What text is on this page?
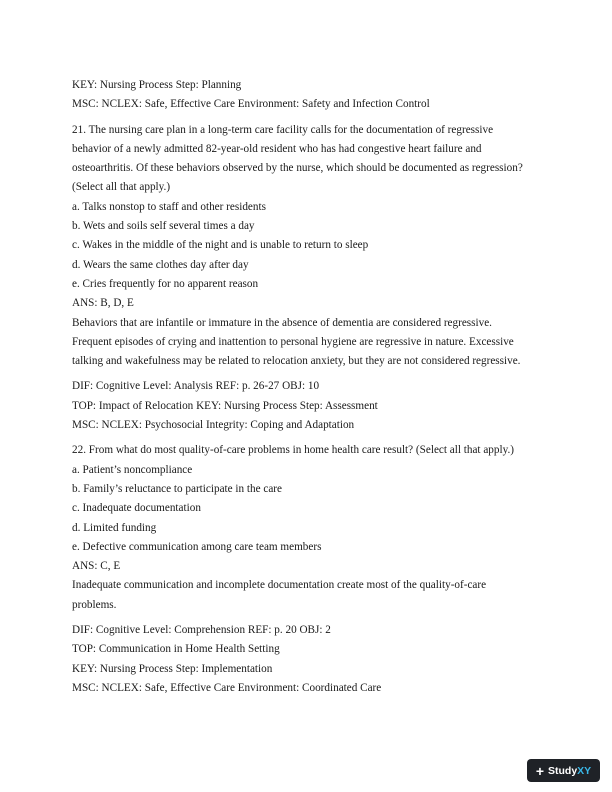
KEY: Nursing Process Step: Planning
MSC: NCLEX: Safe, Effective Care Environment: Safety and Infection Control
21. The nursing care plan in a long-term care facility calls for the documentation of regressive
behavior of a newly admitted 82-year-old resident who has had congestive heart failure and
osteoarthritis. Of these behaviors observed by the nurse, which should be documented as regression?
(Select all that apply.)
a. Talks nonstop to staff and other residents
b. Wets and soils self several times a day
c. Wakes in the middle of the night and is unable to return to sleep
d. Wears the same clothes day after day
e. Cries frequently for no apparent reason
ANS: B, D, E
Behaviors that are infantile or immature in the absence of dementia are considered regressive.
Frequent episodes of crying and inattention to personal hygiene are regressive in nature. Excessive
talking and wakefulness may be related to relocation anxiety, but they are not considered regressive.
DIF: Cognitive Level: Analysis REF: p. 26-27 OBJ: 10
TOP: Impact of Relocation KEY: Nursing Process Step: Assessment
MSC: NCLEX: Psychosocial Integrity: Coping and Adaptation
22. From what do most quality-of-care problems in home health care result? (Select all that apply.)
a. Patient’s noncompliance
b. Family’s reluctance to participate in the care
c. Inadequate documentation
d. Limited funding
e. Defective communication among care team members
ANS: C, E
Inadequate communication and incomplete documentation create most of the quality-of-care
problems.
DIF: Cognitive Level: Comprehension REF: p. 20 OBJ: 2
TOP: Communication in Home Health Setting
KEY: Nursing Process Step: Implementation
MSC: NCLEX: Safe, Effective Care Environment: Coordinated Care
+ StudyXY
